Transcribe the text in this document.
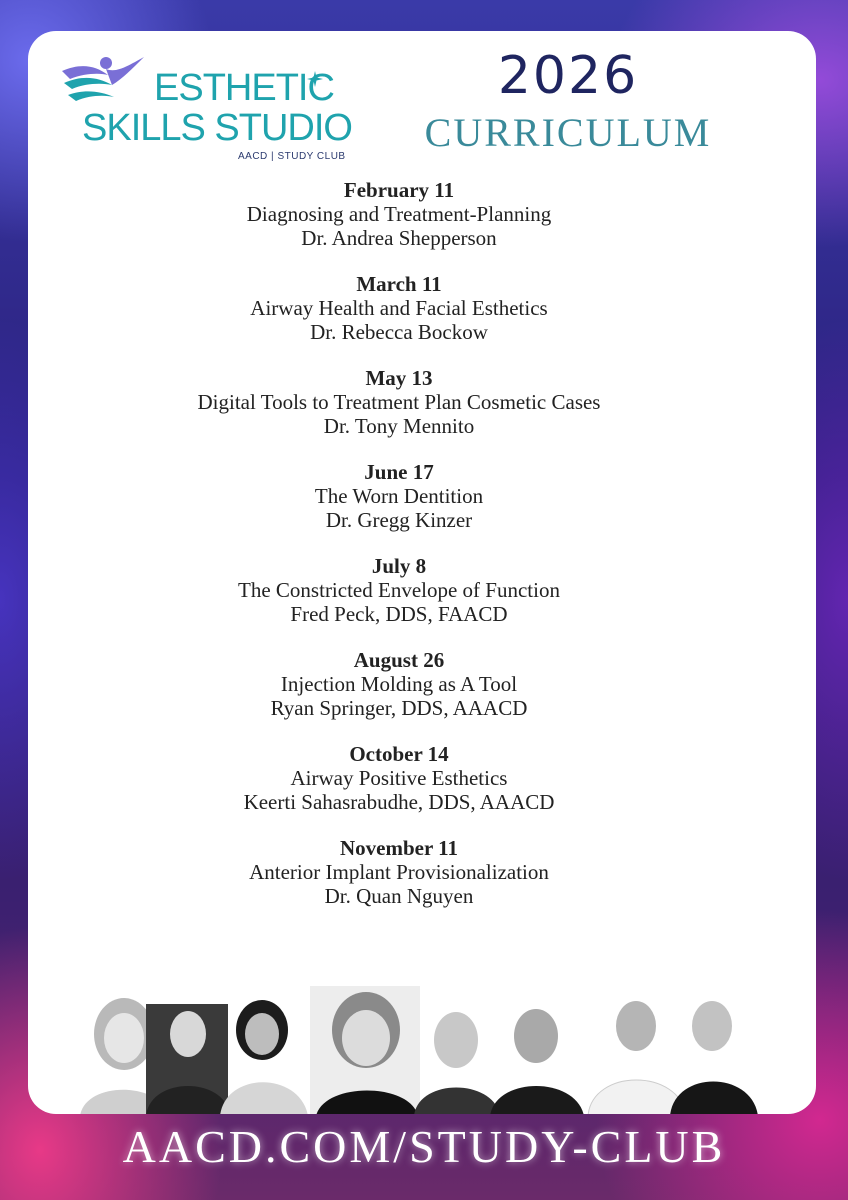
ESTHETIC
SKILLS STUDIO
AACD | STUDY CLUB
2026
CURRICULUM
February 11
Diagnosing and Treatment-Planning
Dr. Andrea Shepperson
March 11
Airway Health and Facial Esthetics
Dr. Rebecca Bockow
May 13
Digital Tools to Treatment Plan Cosmetic Cases
Dr. Tony Mennito
June 17
The Worn Dentition
Dr. Gregg Kinzer
July 8
The Constricted Envelope of Function
Fred Peck, DDS, FAACD
August 26
Injection Molding as A Tool
Ryan Springer, DDS, AAACD
October 14
Airway Positive Esthetics
Keerti Sahasrabudhe, DDS, AAACD
November 11
Anterior Implant Provisionalization
Dr. Quan Nguyen
AACD.COM/STUDY-CLUB
